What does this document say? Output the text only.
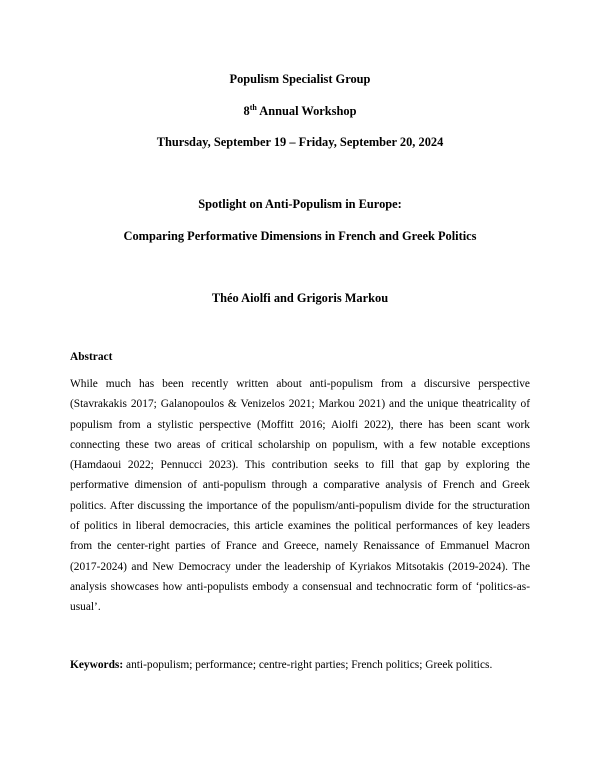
Populism Specialist Group
8th Annual Workshop
Thursday, September 19 – Friday, September 20, 2024
Spotlight on Anti-Populism in Europe:
Comparing Performative Dimensions in French and Greek Politics
Théo Aiolfi and Grigoris Markou
Abstract
While much has been recently written about anti-populism from a discursive perspective (Stavrakakis 2017; Galanopoulos & Venizelos 2021; Markou 2021) and the unique theatricality of populism from a stylistic perspective (Moffitt 2016; Aiolfi 2022), there has been scant work connecting these two areas of critical scholarship on populism, with a few notable exceptions (Hamdaoui 2022; Pennucci 2023). This contribution seeks to fill that gap by exploring the performative dimension of anti-populism through a comparative analysis of French and Greek politics. After discussing the importance of the populism/anti-populism divide for the structuration of politics in liberal democracies, this article examines the political performances of key leaders from the center-right parties of France and Greece, namely Renaissance of Emmanuel Macron (2017-2024) and New Democracy under the leadership of Kyriakos Mitsotakis (2019-2024). The analysis showcases how anti-populists embody a consensual and technocratic form of ‘politics-as-usual’.
Keywords: anti-populism; performance; centre-right parties; French politics; Greek politics.
